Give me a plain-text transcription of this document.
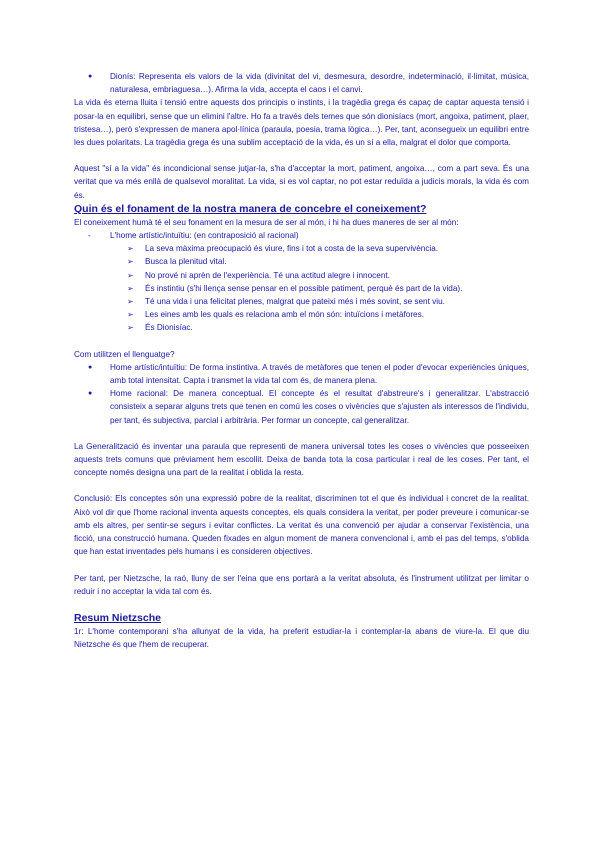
● Dionís: Representa els valors de la vida (divinitat del vi, desmesura, desordre, indeterminació, il·limitat, música, naturalesa, embriaguesa…). Afirma la vida, accepta el caos i el canvi.

La vida és eterna lluita i tensió entre aquests dos principis o instints, i la tragèdia grega és capaç de captar aquesta tensió i posar-la en equilibri, sense que un elimini l'altre. Ho fa a través dels temes que són dionisíacs (mort, angoixa, patiment, plaer, tristesa…), però s'expressen de manera apol·línica (paraula, poesia, trama lògica…). Per, tant, aconsegueix un equilibri entre les dues polaritats. La tragèdia grega és una sublim acceptació de la vida, és un sí a ella, malgrat el dolor que comporta.

Aquest "sí a la vida" és incondicional sense jutjar-la, s'ha d'acceptar la mort, patiment, angoixa…, com a part seva. És una veritat que va més enllà de qualsevol moralitat. La vida, si es vol captar, no pot estar reduïda a judicis morals, la vida és com és.

Quin és el fonament de la nostra manera de concebre el coneixement?

El coneixement humà té el seu fonament en la mesura de ser al món, i hi ha dues maneres de ser al món:

- L'home artístic/intuïtiu: (en contraposició al racional)
➢ La seva màxima preocupació és viure, fins i tot a costa de la seva supervivència.
➢ Busca la plenitud vital.
➢ No prové ni aprèn de l'experiència. Té una actitud alegre i innocent.
➢ És instintiu (s'hi llença sense pensar en el possible patiment, perquè és part de la vida).
➢ Té una vida i una felicitat plenes, malgrat que pateixi més i més sovint, se sent viu.
➢ Les eines amb les quals es relaciona amb el món són: intuïcions i metàfores.
➢ És Dionisíac.

Com utilitzen el llenguatge?

● Home artístic/intuïtiu: De forma instintiva. A través de metàfores que tenen el poder d'evocar experiències úniques, amb total intensitat. Capta i transmet la vida tal com és, de manera plena.
● Home racional: De manera conceptual. El concepte és el resultat d'abstreure's i generalitzar. L'abstracció consisteix a separar alguns trets que tenen en comú les coses o vivències que s'ajusten als interessos de l'individu, per tant, és subjectiva, parcial i arbitrària. Per formar un concepte, cal generalitzar.

La Generalització és inventar una paraula que representi de manera universal totes les coses o vivències que posseeixen aquests trets comuns que prèviament hem escollit. Deixa de banda tota la cosa particular i real de les coses. Per tant, el concepte només designa una part de la realitat i oblida la resta.

Conclusió: Els conceptes són una expressió pobre de la realitat, discriminen tot el que és individual i concret de la realitat. Això vol dir que l'home racional inventa aquests conceptes, els quals considera la veritat, per poder preveure i comunicar-se amb els altres, per sentir-se segurs i evitar conflictes. La veritat és una convenció per ajudar a conservar l'existència, una ficció, una construcció humana. Queden fixades en algun moment de manera convencional i, amb el pas del temps, s'oblida que han estat inventades pels humans i es consideren objectives.

Per tant, per Nietzsche, la raó, lluny de ser l'eina que ens portarà a la veritat absoluta, és l'instrument utilitzat per limitar o reduir i no acceptar la vida tal com és.

Resum Nietzsche

1r: L'home contemporani s'ha allunyat de la vida, ha preferit estudiar-la i contemplar-la abans de viure-la. El que diu Nietzsche és que l'hem de recuperar.
